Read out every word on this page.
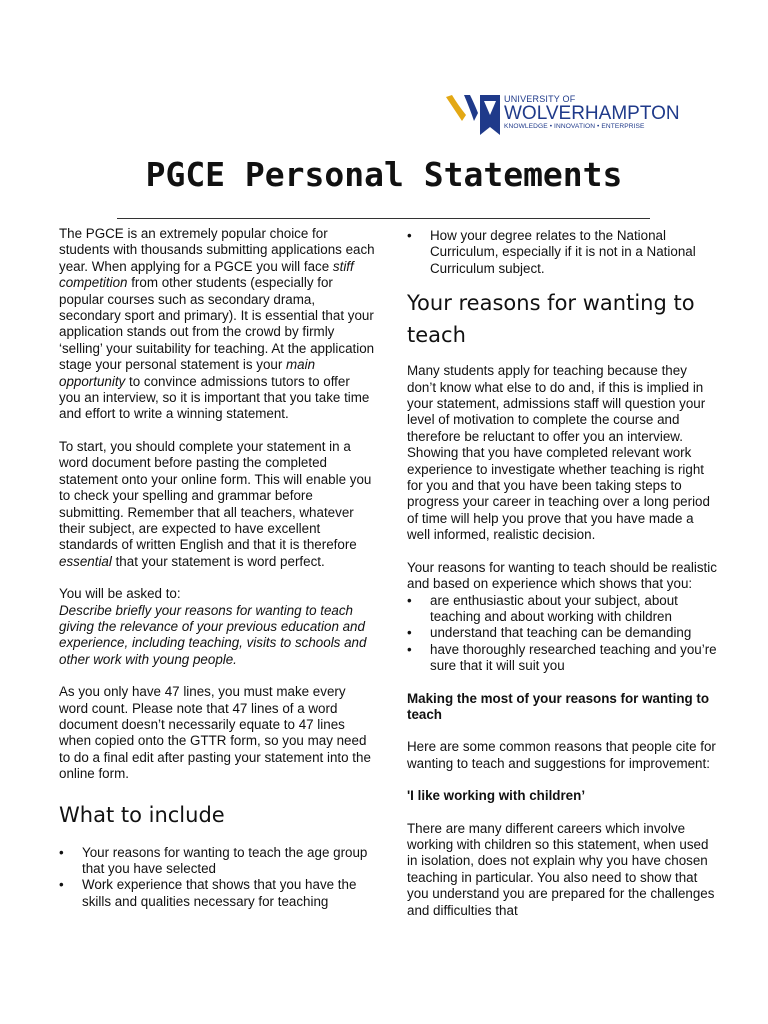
UNIVERSITY OF
WOLVERHAMPTON
KNOWLEDGE • INNOVATION • ENTERPRISE
PGCE Personal Statements

The PGCE is an extremely popular choice for students with thousands submitting applications each year. When applying for a PGCE you will face stiff competition from other students (especially for popular courses such as secondary drama, secondary sport and primary). It is essential that your application stands out from the crowd by firmly ‘selling’ your suitability for teaching. At the application stage your personal statement is your main opportunity to convince admissions tutors to offer you an interview, so it is important that you take time and effort to write a winning statement.

To start, you should complete your statement in a word document before pasting the completed statement onto your online form. This will enable you to check your spelling and grammar before submitting. Remember that all teachers, whatever their subject, are expected to have excellent standards of written English and that it is therefore essential that your statement is word perfect.

You will be asked to:
Describe briefly your reasons for wanting to teach giving the relevance of your previous education and experience, including teaching, visits to schools and other work with young people.

As you only have 47 lines, you must make every word count. Please note that 47 lines of a word document doesn’t necessarily equate to 47 lines when copied onto the GTTR form, so you may need to do a final edit after pasting your statement into the online form.

What to include
• Your reasons for wanting to teach the age group that you have selected
• Work experience that shows that you have the skills and qualities necessary for teaching
• How your degree relates to the National Curriculum, especially if it is not in a National Curriculum subject.
Your reasons for wanting to teach

Many students apply for teaching because they don’t know what else to do and, if this is implied in your statement, admissions staff will question your level of motivation to complete the course and therefore be reluctant to offer you an interview. Showing that you have completed relevant work experience to investigate whether teaching is right for you and that you have been taking steps to progress your career in teaching over a long period of time will help you prove that you have made a well informed, realistic decision.

Your reasons for wanting to teach should be realistic and based on experience which shows that you:

• are enthusiastic about your subject, about teaching and about working with children
• understand that teaching can be demanding
• have thoroughly researched teaching and you’re sure that it will suit you

Making the most of your reasons for wanting to teach

Here are some common reasons that people cite for wanting to teach and suggestions for improvement:

'I like working with children’

There are many different careers which involve working with children so this statement, when used in isolation, does not explain why you have chosen teaching in particular. You also need to show that you understand you are prepared for the challenges and difficulties that
